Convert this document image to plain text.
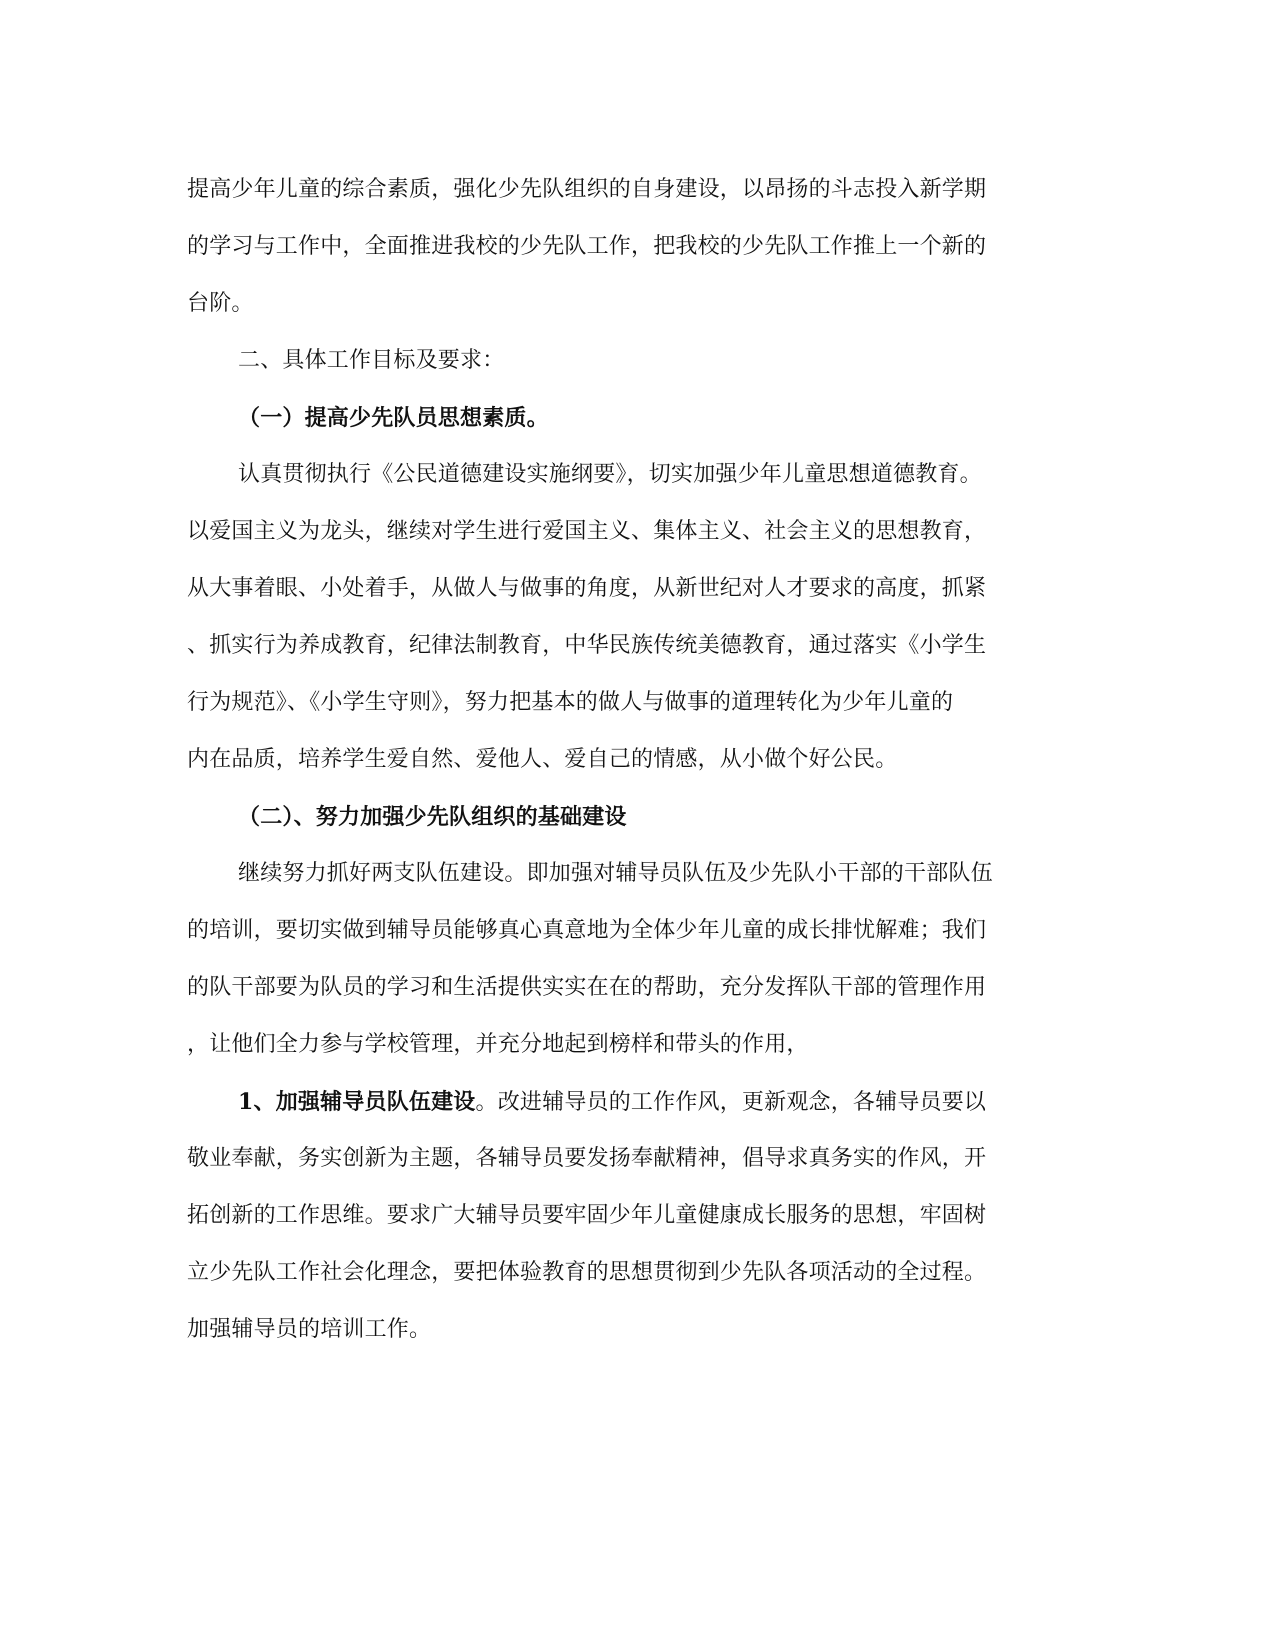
提高少年儿童的综合素质，强化少先队组织的自身建设，以昂扬的斗志投入新学期
的学习与工作中，全面推进我校的少先队工作，把我校的少先队工作推上一个新的
台阶。
二、具体工作目标及要求：
（一）提高少先队员思想素质。
认真贯彻执行《公民道德建设实施纲要》，切实加强少年儿童思想道德教育。
以爱国主义为龙头，继续对学生进行爱国主义、集体主义、社会主义的思想教育，
从大事着眼、小处着手，从做人与做事的角度，从新世纪对人才要求的高度，抓紧
、抓实行为养成教育，纪律法制教育，中华民族传统美德教育，通过落实《小学生
行为规范》、《小学生守则》，努力把基本的做人与做事的道理转化为少年儿童的
内在品质，培养学生爱自然、爱他人、爱自己的情感，从小做个好公民。
（二）、努力加强少先队组织的基础建设
继续努力抓好两支队伍建设。即加强对辅导员队伍及少先队小干部的干部队伍
的培训，要切实做到辅导员能够真心真意地为全体少年儿童的成长排忧解难；我们
的队干部要为队员的学习和生活提供实实在在的帮助，充分发挥队干部的管理作用
，让他们全力参与学校管理，并充分地起到榜样和带头的作用，
1、加强辅导员队伍建设。改进辅导员的工作作风，更新观念，各辅导员要以
敬业奉献，务实创新为主题，各辅导员要发扬奉献精神，倡导求真务实的作风，开
拓创新的工作思维。要求广大辅导员要牢固少年儿童健康成长服务的思想，牢固树
立少先队工作社会化理念，要把体验教育的思想贯彻到少先队各项活动的全过程。
加强辅导员的培训工作。
